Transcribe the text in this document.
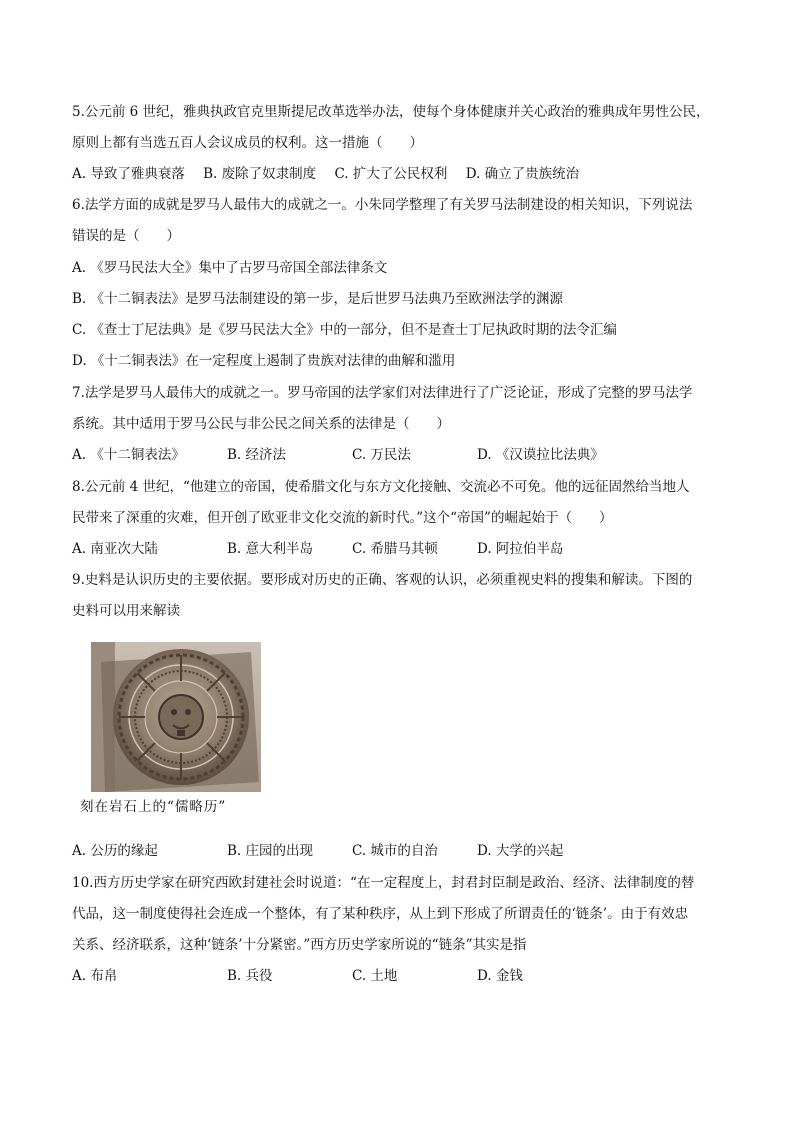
5.公元前 6 世纪，雅典执政官克里斯提尼改革选举办法，使每个身体健康并关心政治的雅典成年男性公民，
原则上都有当选五百人会议成员的权利。这一措施（　　）
A. 导致了雅典衰落 B. 废除了奴隶制度 C. 扩大了公民权利 D. 确立了贵族统治
6.法学方面的成就是罗马人最伟大的成就之一。小朱同学整理了有关罗马法制建设的相关知识，下列说法
错误的是（　　）
A. 《罗马民法大全》集中了古罗马帝国全部法律条文
B. 《十二铜表法》是罗马法制建设的第一步，是后世罗马法典乃至欧洲法学的渊源
C. 《查士丁尼法典》是《罗马民法大全》中的一部分，但不是查士丁尼执政时期的法令汇编
D. 《十二铜表法》在一定程度上遏制了贵族对法律的曲解和滥用
7.法学是罗马人最伟大的成就之一。罗马帝国的法学家们对法律进行了广泛论证，形成了完整的罗马法学
系统。其中适用于罗马公民与非公民之间关系的法律是（　　）
A. 《十二铜表法》	B. 经济法	C. 万民法	D. 《汉谟拉比法典》
8.公元前 4 世纪，“他建立的帝国，使希腊文化与东方文化接触、交流必不可免。他的远征固然给当地人
民带来了深重的灾难，但开创了欧亚非文化交流的新时代。”这个“帝国”的崛起始于（　　）
A. 南亚次大陆	B. 意大利半岛	C. 希腊马其顿	D. 阿拉伯半岛
9.史料是认识历史的主要依据。要形成对历史的正确、客观的认识，必须重视史料的搜集和解读。下图的
史料可以用来解读
刻在岩石上的“儒略历”
A. 公历的缘起	B. 庄园的出现	C. 城市的自治	D. 大学的兴起
10.西方历史学家在研究西欧封建社会时说道：“在一定程度上，封君封臣制是政治、经济、法律制度的替
代品，这一制度使得社会连成一个整体，有了某种秩序，从上到下形成了所谓责任的‘链条’。由于有效忠
关系、经济联系，这种‘链条’十分紧密。”西方历史学家所说的“链条”其实是指
A. 布帛	B. 兵役	C. 土地	D. 金钱
